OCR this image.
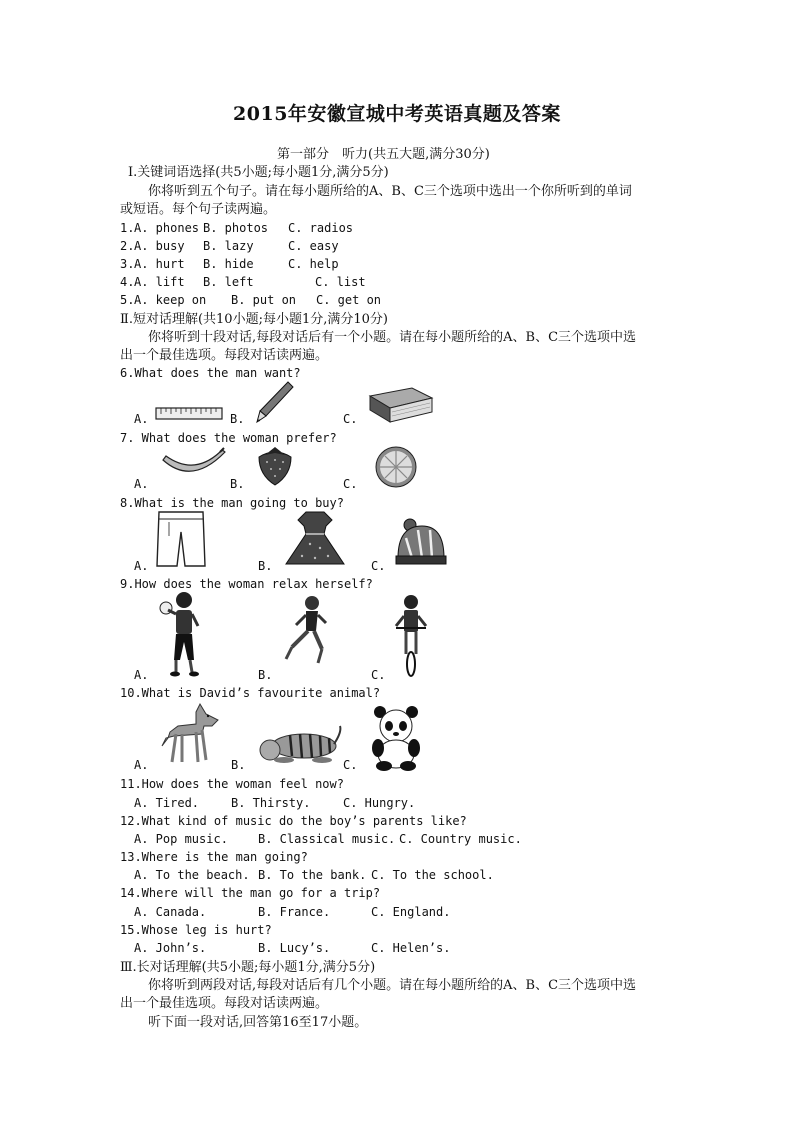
2015年安徽宣城中考英语真题及答案
第一部分　听力(共五大题,满分30分)
Ⅰ.关键词语选择(共5小题;每小题1分,满分5分)
你将听到五个句子。请在每小题所给的A、B、C三个选项中选出一个你所听到的单词
或短语。每个句子读两遍。
1. A. phones B. photos C. radios
2. A. busy B. lazy	C. easy
3. A. hurt B. hide	C. help
4. A. lift B. left	C. list
5. A. keep on B. put on C. get on
Ⅱ.短对话理解(共10小题;每小题1分,满分10分)
你将听到十段对话,每段对话后有一个小题。请在每小题所给的A、B、C三个选项中选
出一个最佳选项。每段对话读两遍。
6.What does the man want?
A.	B.	C.
7. What does the woman prefer?
A.	B.	C.
8.What is the man going to buy?
A.	B.	C.
9.How does the woman relax herself?
A.	B.	C.
10.What is David’s favourite animal?
A.	B.	C.
11.How does the woman feel now?
A. Tired.	B. Thirsty.	C. Hungry.
12.What kind of music do the boy’s parents like?
A. Pop music.	B. Classical music. C. Country music.
13.Where is the man going?
A. To the beach. B. To the bank. C. To the school.
14.Where will the man go for a trip?
A. Canada.	B. France.	C. England.
15.Whose leg is hurt?
A. John’s.	B. Lucy’s.	C. Helen’s.
Ⅲ.长对话理解(共5小题;每小题1分,满分5分)
你将听到两段对话,每段对话后有几个小题。请在每小题所给的A、B、C三个选项中选
出一个最佳选项。每段对话读两遍。
听下面一段对话,回答第16至17小题。
